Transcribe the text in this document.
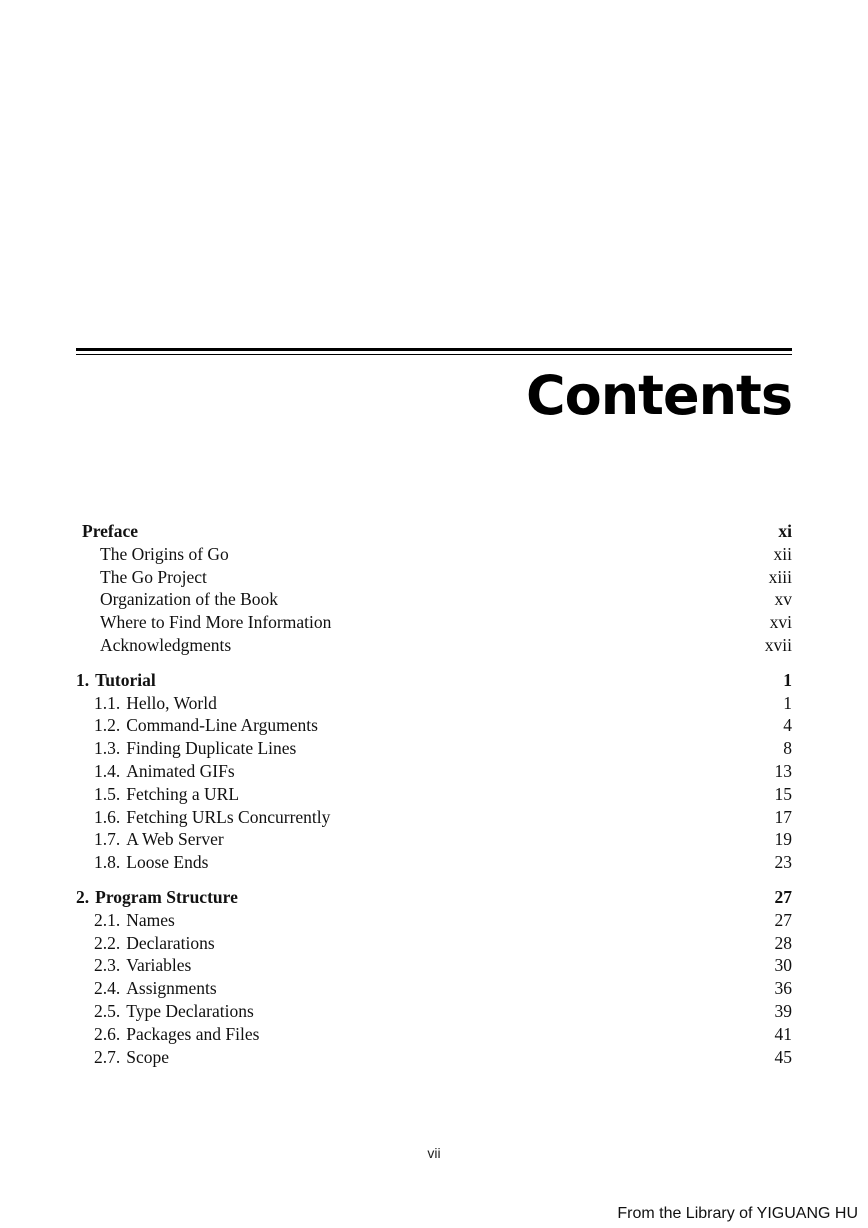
Contents
Preface	xi
The Origins of Go	xii
The Go Project	xiii
Organization of the Book	xv
Where to Find More Information	xvi
Acknowledgments	xvii
1. Tutorial	1
1.1. Hello, World	1
1.2. Command-Line Arguments	4
1.3. Finding Duplicate Lines	8
1.4. Animated GIFs	13
1.5. Fetching a URL	15
1.6. Fetching URLs Concurrently	17
1.7. A Web Server	19
1.8. Loose Ends	23
2. Program Structure	27
2.1. Names	27
2.2. Declarations	28
2.3. Variables	30
2.4. Assignments	36
2.5. Type Declarations	39
2.6. Packages and Files	41
2.7. Scope	45
vii
From the Library of YIGUANG HU
